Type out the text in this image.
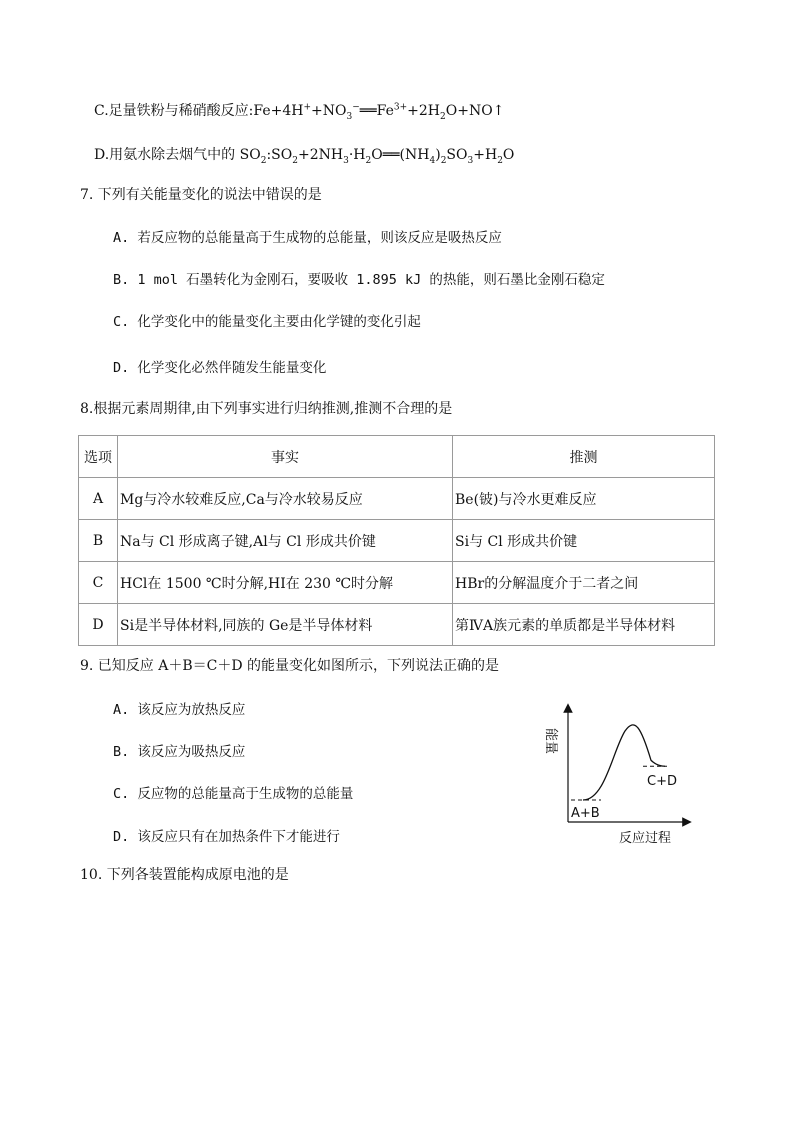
C.足量铁粉与稀硝酸反应$:Fe+4H^++NO_3^-══Fe^{3+}+2H_2O+NO↑$
D.用氨水除去烟气中的 $SO_2:SO_2+2NH_3\cdot H_2O══(NH_4)_2SO_3+H_2O$
7. 下列有关能量变化的说法中错误的是
A. 若反应物的总能量高于生成物的总能量，则该反应是吸热反应
B. 1 mol 石墨转化为金刚石，要吸收 1.895 kJ 的热能，则石墨比金刚石稳定
C. 化学变化中的能量变化主要由化学键的变化引起
D. 化学变化必然伴随发生能量变化
8.根据元素周期律,由下列事实进行归纳推测,推测不合理的是
选项	事实	推测
A	Mg与冷水较难反应,Ca与冷水较易反应	Be(铍)与冷水更难反应
B	Na与 Cl 形成离子键,Al与 Cl 形成共价键	Si与 Cl 形成共价键
C	HCl在 1500 ℃时分解,HI在 230 ℃时分解	HBr的分解温度介于二者之间
D	Si是半导体材料,同族的 Ge是半导体材料	第ⅣA族元素的单质都是半导体材料
9. 已知反应 A＋B＝C＋D 的能量变化如图所示，下列说法正确的是
A. 该反应为放热反应
B. 该反应为吸热反应
C. 反应物的总能量高于生成物的总能量
D. 该反应只有在加热条件下才能进行
能量
A+B
C+D
反应过程
10. 下列各装置能构成原电池的是
